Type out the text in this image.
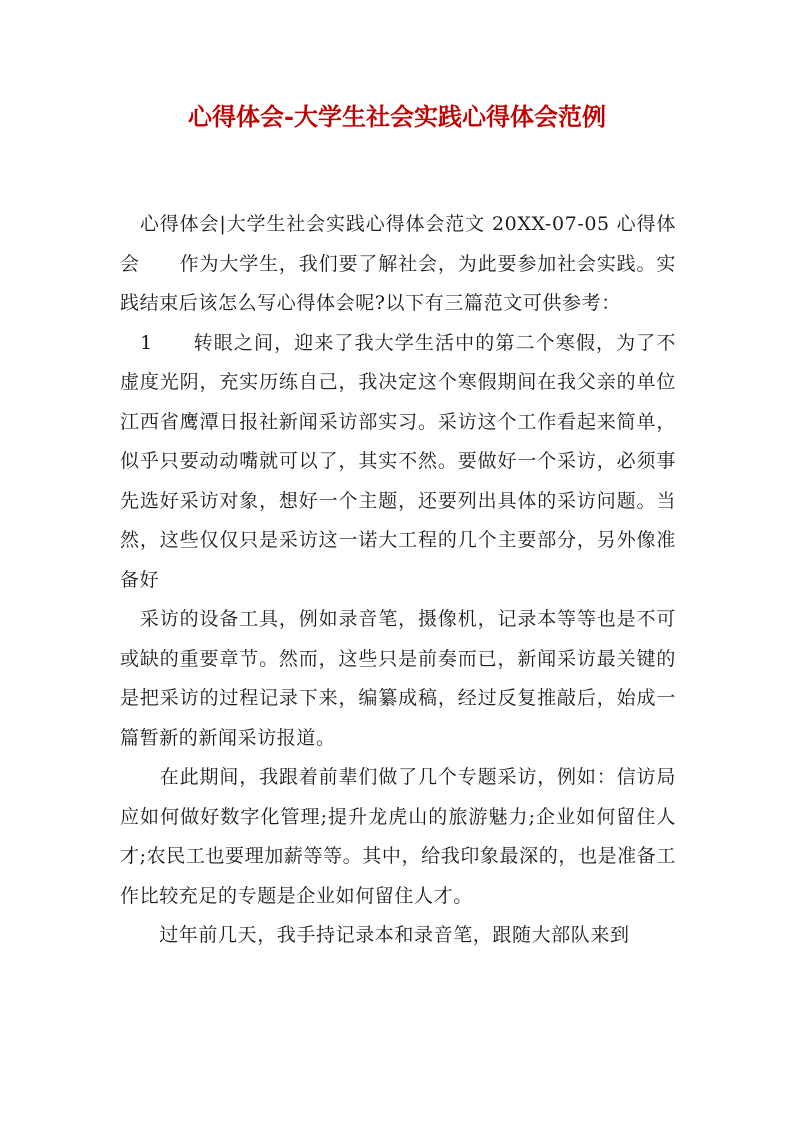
心得体会-大学生社会实践心得体会范例

　心得体会|大学生社会实践心得体会范文 20XX-07-05 心得体会　　作为大学生，我们要了解社会，为此要参加社会实践。实践结束后该怎么写心得体会呢?以下有三篇范文可供参考：

　1　　转眼之间，迎来了我大学生活中的第二个寒假，为了不虚度光阴，充实历练自己，我决定这个寒假期间在我父亲的单位江西省鹰潭日报社新闻采访部实习。采访这个工作看起来简单，似乎只要动动嘴就可以了，其实不然。要做好一个采访，必须事先选好采访对象，想好一个主题，还要列出具体的采访问题。当然，这些仅仅只是采访这一诺大工程的几个主要部分，另外像准备好

　采访的设备工具，例如录音笔，摄像机，记录本等等也是不可或缺的重要章节。然而，这些只是前奏而已，新闻采访最关键的是把采访的过程记录下来，编纂成稿，经过反复推敲后，始成一篇暂新的新闻采访报道。

　　在此期间，我跟着前辈们做了几个专题采访，例如：信访局应如何做好数字化管理;提升龙虎山的旅游魅力;企业如何留住人才;农民工也要理加薪等等。其中，给我印象最深的，也是准备工作比较充足的专题是企业如何留住人才。

　　过年前几天，我手持记录本和录音笔，跟随大部队来到
